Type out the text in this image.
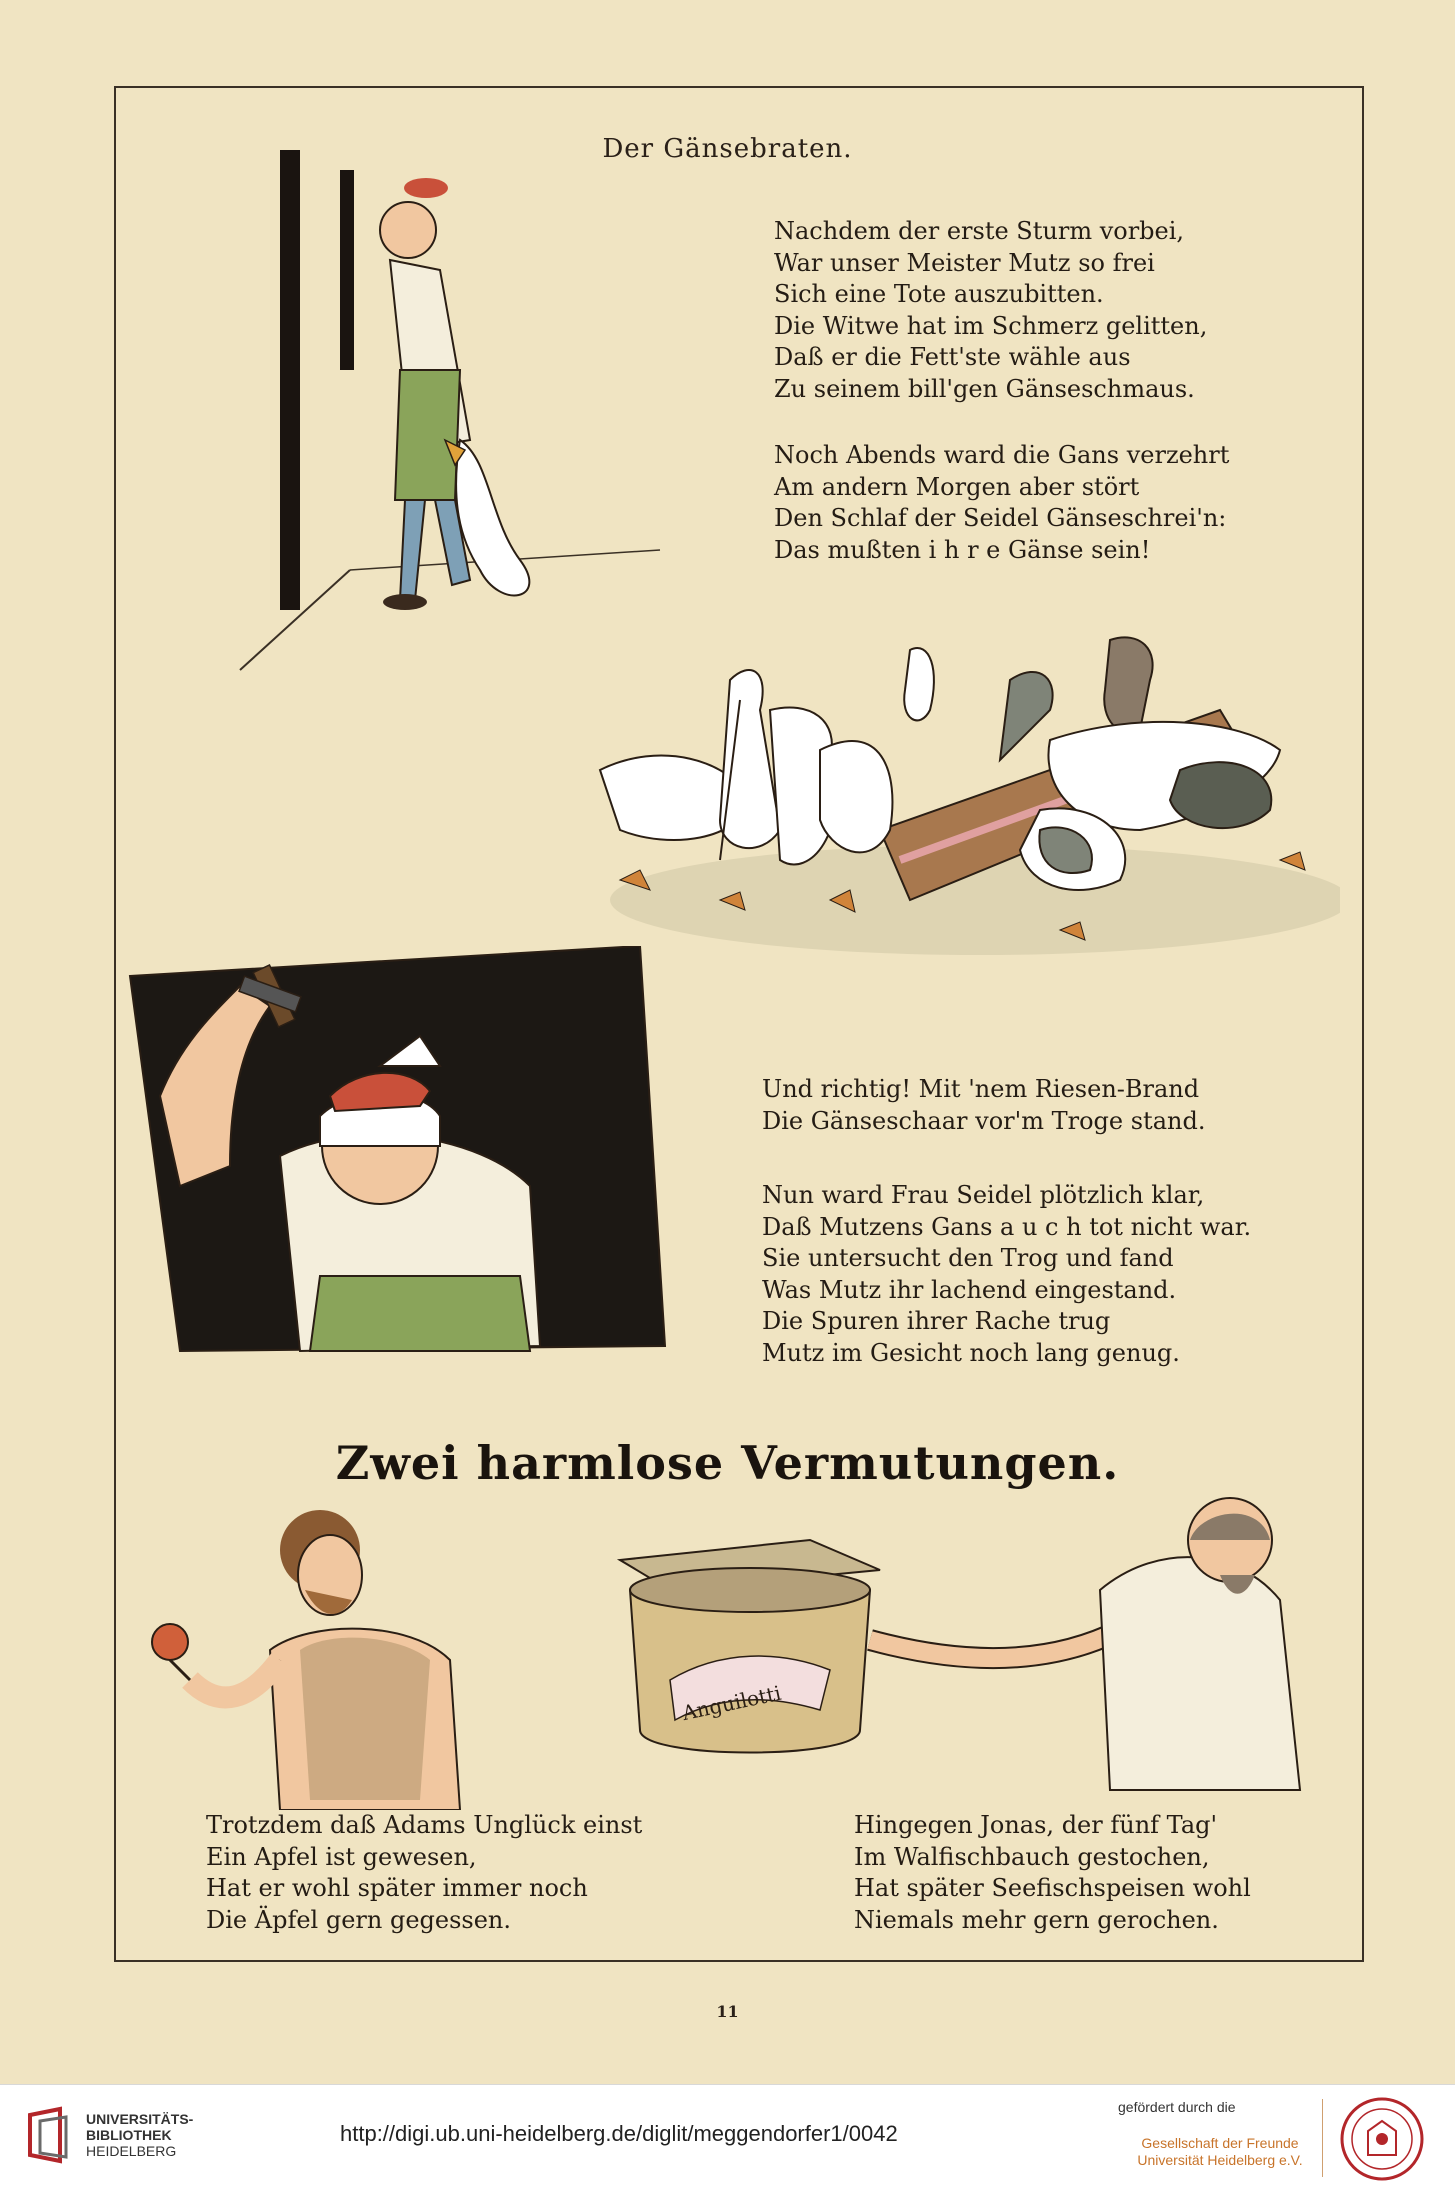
Der Gänsebraten.
Nachdem der erste Sturm vorbei,
War unser Meister Mutz so frei
Sich eine Tote auszubitten.
Die Witwe hat im Schmerz gelitten,
Daß er die Fett'ste wähle aus
Zu seinem bill'gen Gänseschmaus.
Noch Abends ward die Gans verzehrt
Am andern Morgen aber stört
Den Schlaf der Seidel Gänseschrei'n:
Das mußten i h r e Gänse sein!
Und richtig! Mit 'nem Riesen-Brand
Die Gänseschaar vor'm Troge stand.
Nun ward Frau Seidel plötzlich klar,
Daß Mutzens Gans a u c h tot nicht war.
Sie untersucht den Trog und fand
Was Mutz ihr lachend eingestand.
Die Spuren ihrer Rache trug
Mutz im Gesicht noch lang genug.
Zwei harmlose Vermutungen.
Anguilotti
Trotzdem daß Adams Unglück einst
Ein Apfel ist gewesen,
Hat er wohl später immer noch
Die Äpfel gern gegessen.
Hingegen Jonas, der fünf Tag'
Im Walfischbauch gestochen,
Hat später Seefischspeisen wohl
Niemals mehr gern gerochen.
11
UNIVERSITÄTS-
BIBLIOTHEK
HEIDELBERG
gefördert durch die
Gesellschaft der Freunde
Universität Heidelberg e.V.
http://digi.ub.uni-heidelberg.de/diglit/meggendorfer1/0042
